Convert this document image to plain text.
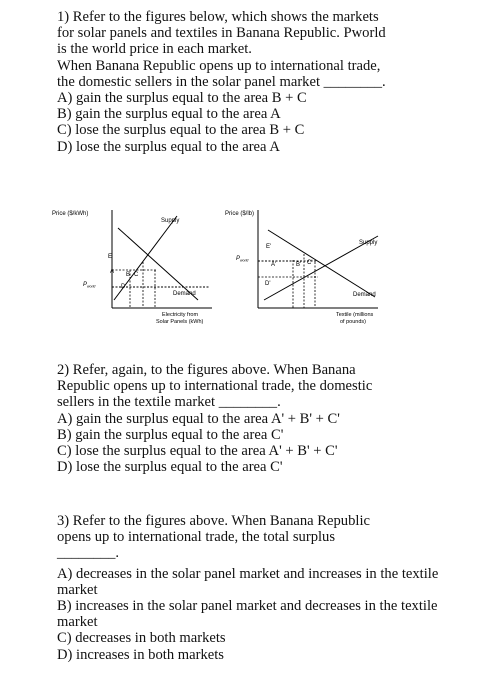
1) Refer to the figures below, which shows the markets
for solar panels and textiles in Banana Republic. Pworld
is the world price in each market.
When Banana Republic opens up to international trade,
the domestic sellers in the solar panel market ________.
A) gain the surplus equal to the area B + C
B) gain the surplus equal to the area A
C) lose the surplus equal to the area B + C
D) lose the surplus equal to the area A
Price ($/kWh)
Supply
Demand
$P_{world}$
E
A
D
B C
Electricity from
Solar Panels (kWh)
Price ($/lb)
Supply
Demand
$P_{world}$
E'
A'
D'
B' C'
Textile (millions
of pounds)
2) Refer, again, to the figures above. When Banana
Republic opens up to international trade, the domestic
sellers in the textile market ________.
A) gain the surplus equal to the area A' + B' + C'
B) gain the surplus equal to the area C'
C) lose the surplus equal to the area A' + B' + C'
D) lose the surplus equal to the area C'
3) Refer to the figures above. When Banana Republic
opens up to international trade, the total surplus
________.
A) decreases in the solar panel market and increases in the textile market
B) increases in the solar panel market and decreases in the textile market
C) decreases in both markets
D) increases in both markets
